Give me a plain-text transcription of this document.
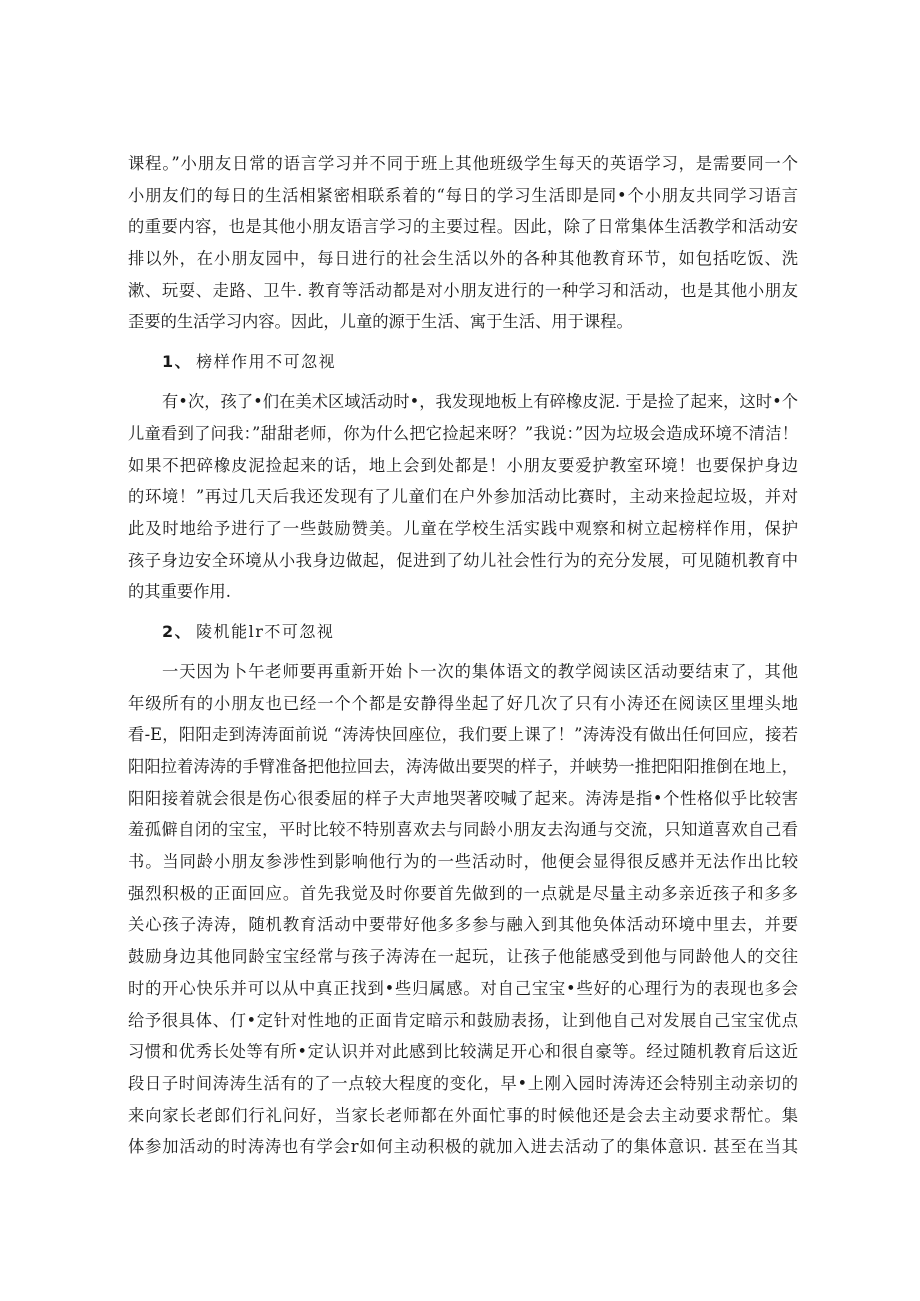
课程。”小朋友日常的语言学习并不同于班上其他班级学生每天的英语学习，是需要同一个
小朋友们的每日的生活相紧密相联系着的“每日的学习生活即是同•个小朋友共同学习语言
的重要内容，也是其他小朋友语言学习的主要过程。因此，除了日常集体生活教学和活动安
排以外，在小朋友园中，每日进行的社会生活以外的各种其他教育环节，如包括吃饭、洗
漱、玩耍、走路、卫牛. 教育等活动都是对小朋友进行的一种学习和活动，也是其他小朋友
歪要的生活学习内容。因此，儿童的源于生活、寓于生活、用于课程。
1、 榜样作用不可忽视
有•次，孩了•们在美术区域活动时•，我发现地板上有碎橡皮泥. 于是捡了起来，这时•个
儿童看到了问我：”甜甜老师，你为什么把它捡起来呀？”我说：”因为垃圾会造成环境不清洁！
如果不把碎橡皮泥捡起来的话，地上会到处都是！小朋友要爱护教室环境！也要保护身边
的环境！”再过几天后我还发现有了儿童们在户外参加活动比赛时，主动来捡起垃圾，并对
此及时地给予进行了一些鼓励赞美。儿童在学校生活实践中观察和树立起榜样作用，保护
孩子身边安全环境从小我身边做起，促进到了幼儿社会性行为的充分发展，可见随机教育中
的其重要作用.
2、 陵机能lr不可忽视
一天因为卜午老师要再重新开始卜一次的集体语文的教学阅读区活动要结束了，其他
年级所有的小朋友也已经一个个都是安静得坐起了好几次了只有小涛还在阅读区里埋头地
看-E，阳阳走到涛涛面前说 “涛涛快回座位，我们要上课了！”涛涛没有做出任何回应，接若
阳阳拉着涛涛的手臂准备把他拉回去，涛涛做出要哭的样子，并峡势一推把阳阳推倒在地上，
阳阳接着就会很是伤心很委屈的样子大声地哭著咬喊了起来。涛涛是指•个性格似乎比较害
羞孤僻自闭的宝宝，平时比较不特别喜欢去与同龄小朋友去沟通与交流，只知道喜欢自己看
书。当同龄小朋友参涉性到影响他行为的一些活动时，他便会显得很反感并无法作出比较
强烈积极的正面回应。首先我觉及时你要首先做到的一点就是尽量主动多亲近孩子和多多
关心孩子涛涛，随机教育活动中要带好他多多参与融入到其他奂体活动环境中里去，并要
鼓励身边其他同龄宝宝经常与孩子涛涛在一起玩，让孩子他能感受到他与同龄他人的交往
时的开心快乐并可以从中真正找到•些归属感。对自己宝宝•些好的心理行为的表现也多会
给予很具体、仃•定针对性地的正面肯定暗示和鼓励表扬，让到他自己对发展自己宝宝优点
习惯和优秀长处等有所•定认识并对此感到比较满足开心和很自豪等。经过随机教育后这近
段日子时间涛涛生活有的了一点较大程度的变化，早•上刚入园时涛涛还会特别主动亲切的
来向家长老郎们行礼问好，当家长老师都在外面忙事的时候他还是会去主动要求帮忙。集
体参加活动的时涛涛也有学会r如何主动积极的就加入进去活动了的集体意识. 甚至在当其
